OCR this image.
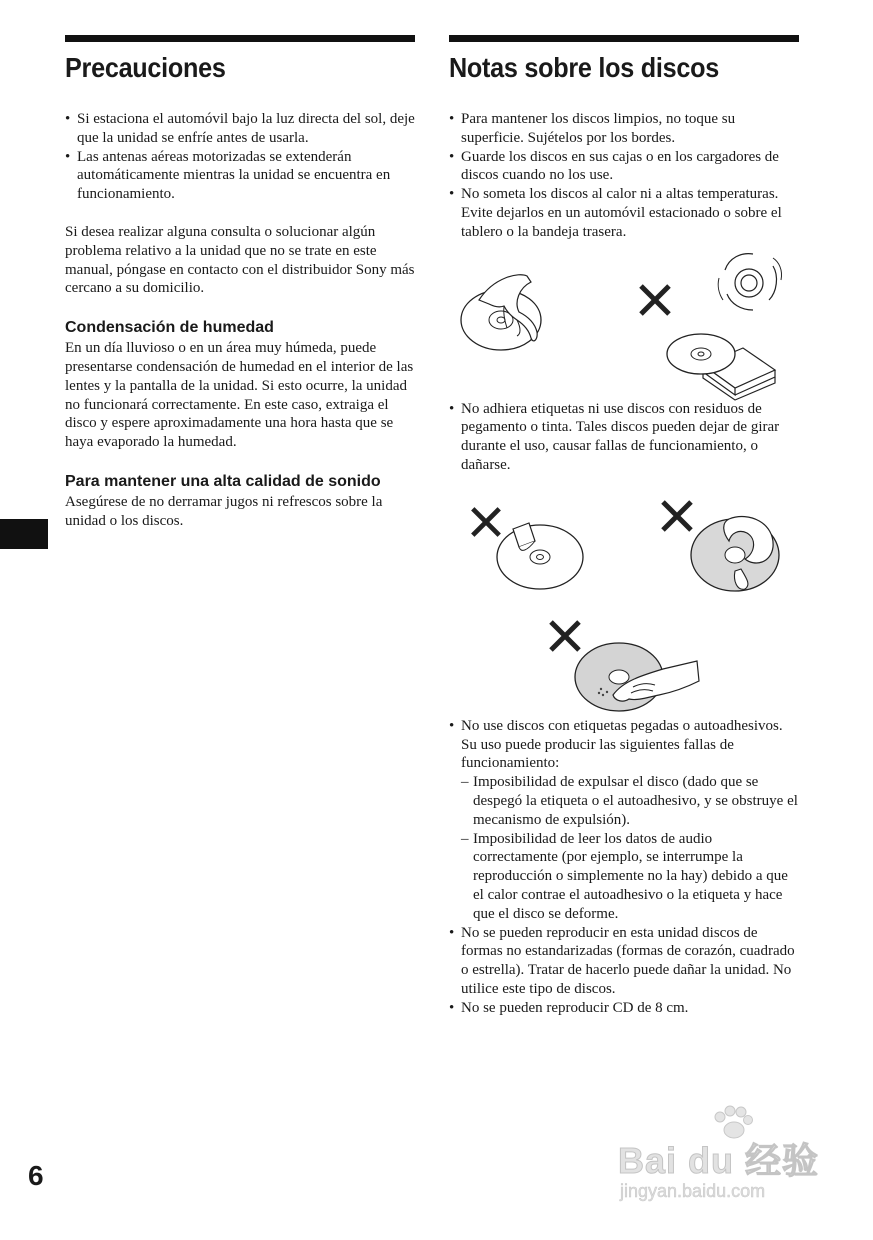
Precauciones
• Si estaciona el automóvil bajo la luz directa del sol, deje que la unidad se enfríe antes de usarla.
• Las antenas aéreas motorizadas se extenderán automáticamente mientras la unidad se encuentra en funcionamiento.

Si desea realizar alguna consulta o solucionar algún problema relativo a la unidad que no se trate en este manual, póngase en contacto con el distribuidor Sony más cercano a su domicilio.

Condensación de humedad

En un día lluvioso o en un área muy húmeda, puede presentarse condensación de humedad en el interior de las lentes y la pantalla de la unidad. Si esto ocurre, la unidad no funcionará correctamente. En este caso, extraiga el disco y espere aproximadamente una hora hasta que se haya evaporado la humedad.

Para mantener una alta calidad de sonido

Asegúrese de no derramar jugos ni refrescos sobre la unidad o los discos.

Notas sobre los discos
• Para mantener los discos limpios, no toque su superficie. Sujételos por los bordes.
• Guarde los discos en sus cajas o en los cargadores de discos cuando no los use.
• No someta los discos al calor ni a altas temperaturas. Evite dejarlos en un automóvil estacionado o sobre el tablero o la bandeja trasera.
• No adhiera etiquetas ni use discos con residuos de pegamento o tinta. Tales discos pueden dejar de girar durante el uso, causar fallas de funcionamiento, o dañarse.
• No use discos con etiquetas pegadas o autoadhesivos.
Su uso puede producir las siguientes fallas de funcionamiento:
– Imposibilidad de expulsar el disco (dado que se despegó la etiqueta o el autoadhesivo, y se obstruye el mecanismo de expulsión).
– Imposibilidad de leer los datos de audio correctamente (por ejemplo, se interrumpe la reproducción o simplemente no la hay) debido a que el calor contrae el autoadhesivo o la etiqueta y hace que el disco se deforme.
• No se pueden reproducir en esta unidad discos de formas no estandarizadas (formas de corazón, cuadrado o estrella). Tratar de hacerlo puede dañar la unidad. No utilice este tipo de discos.
• No se pueden reproducir CD de 8 cm.
6	Bai du 经验
jingyan.baidu.com
